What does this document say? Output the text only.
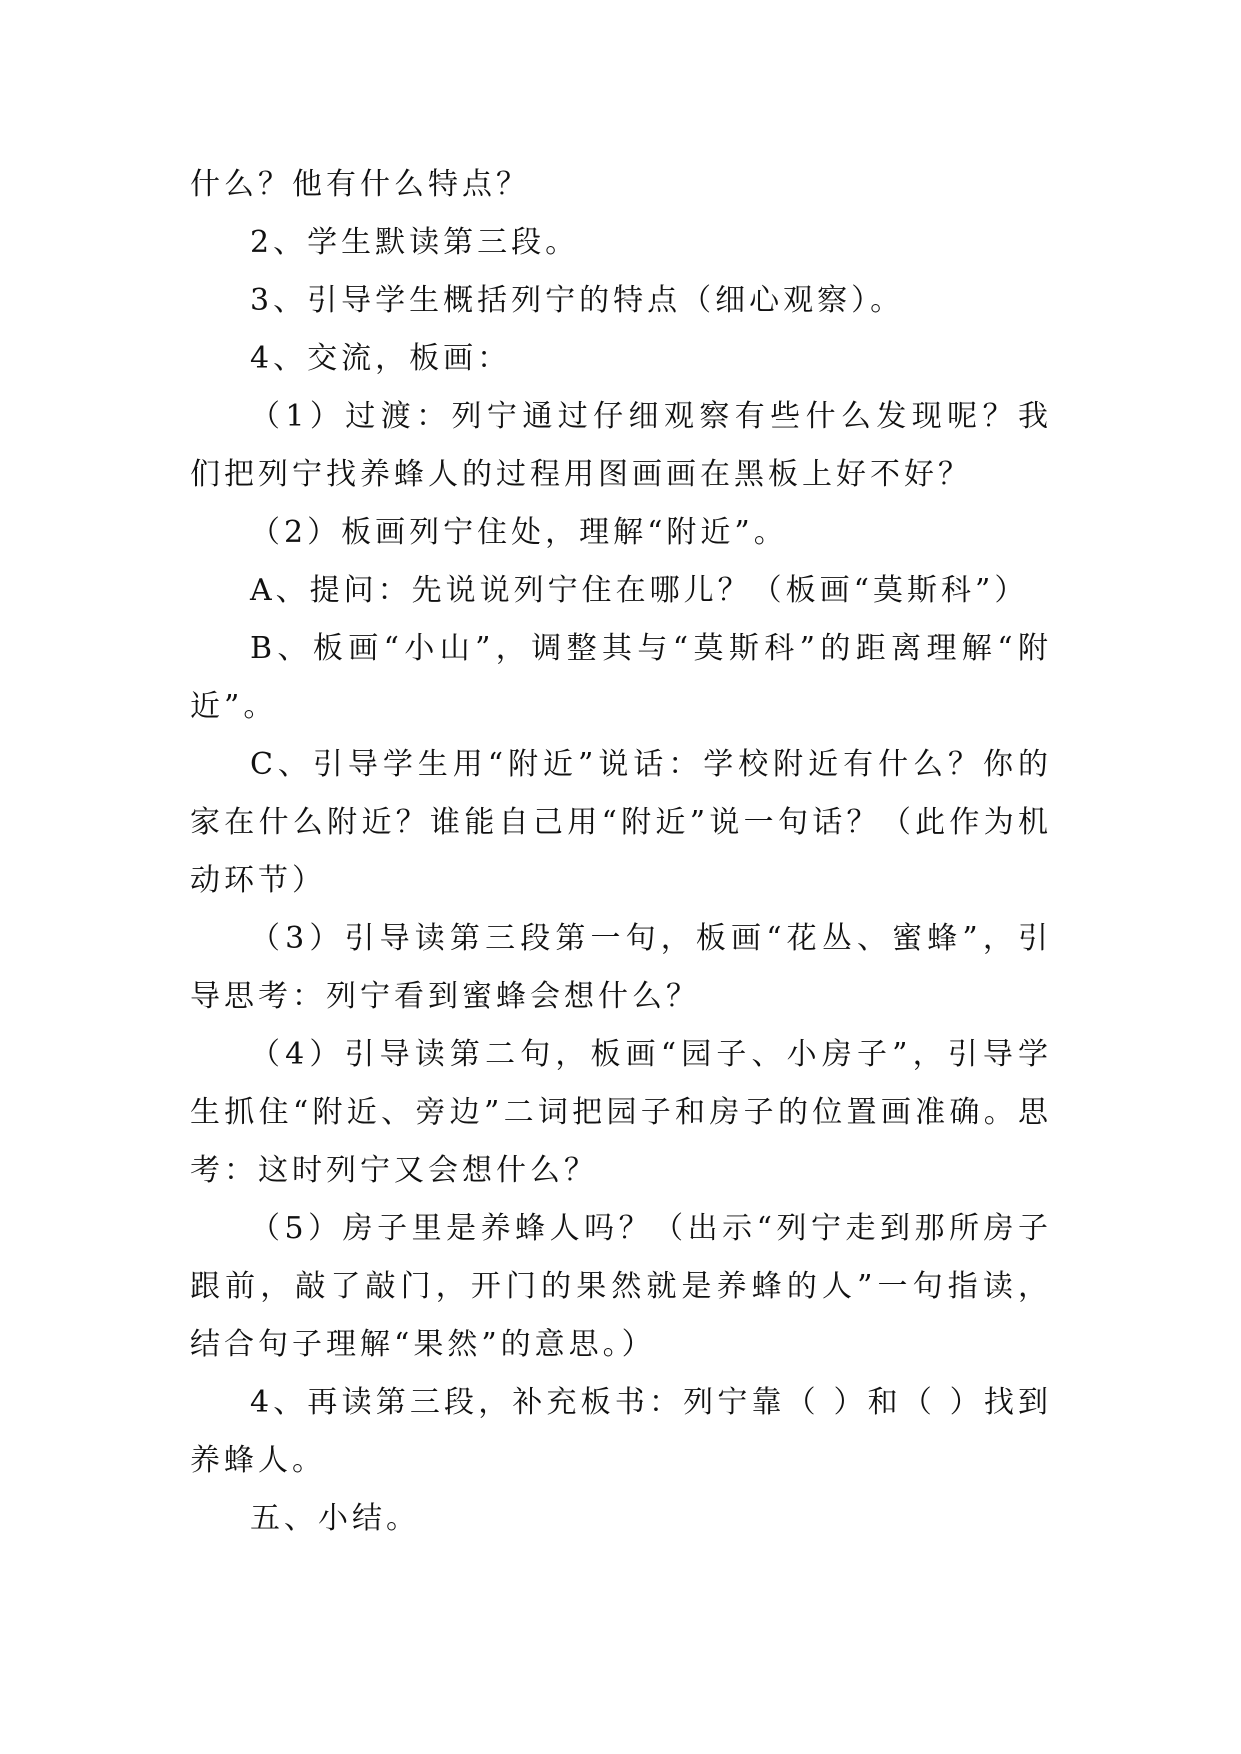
什么？他有什么特点？

2、学生默读第三段。

3、引导学生概括列宁的特点（细心观察）。

4、交流，板画：

（1）过渡：列宁通过仔细观察有些什么发现呢？我们把列宁找养蜂人的过程用图画画在黑板上好不好？

（2）板画列宁住处，理解“附近”。

A、提问：先说说列宁住在哪儿？（板画“莫斯科”）

B、板画“小山”，调整其与“莫斯科”的距离理解“附近”。

C、引导学生用“附近”说话：学校附近有什么？你的家在什么附近？谁能自己用“附近”说一句话？（此作为机动环节）

（3）引导读第三段第一句，板画“花丛、蜜蜂”，引导思考：列宁看到蜜蜂会想什么？

（4）引导读第二句，板画“园子、小房子”，引导学生抓住“附近、旁边”二词把园子和房子的位置画准确。思考：这时列宁又会想什么？

（5）房子里是养蜂人吗？（出示“列宁走到那所房子跟前，敲了敲门，开门的果然就是养蜂的人”一句指读，结合句子理解“果然”的意思。）

4、再读第三段，补充板书：列宁靠（ ）和（ ）找到养蜂人。

五、小结。
